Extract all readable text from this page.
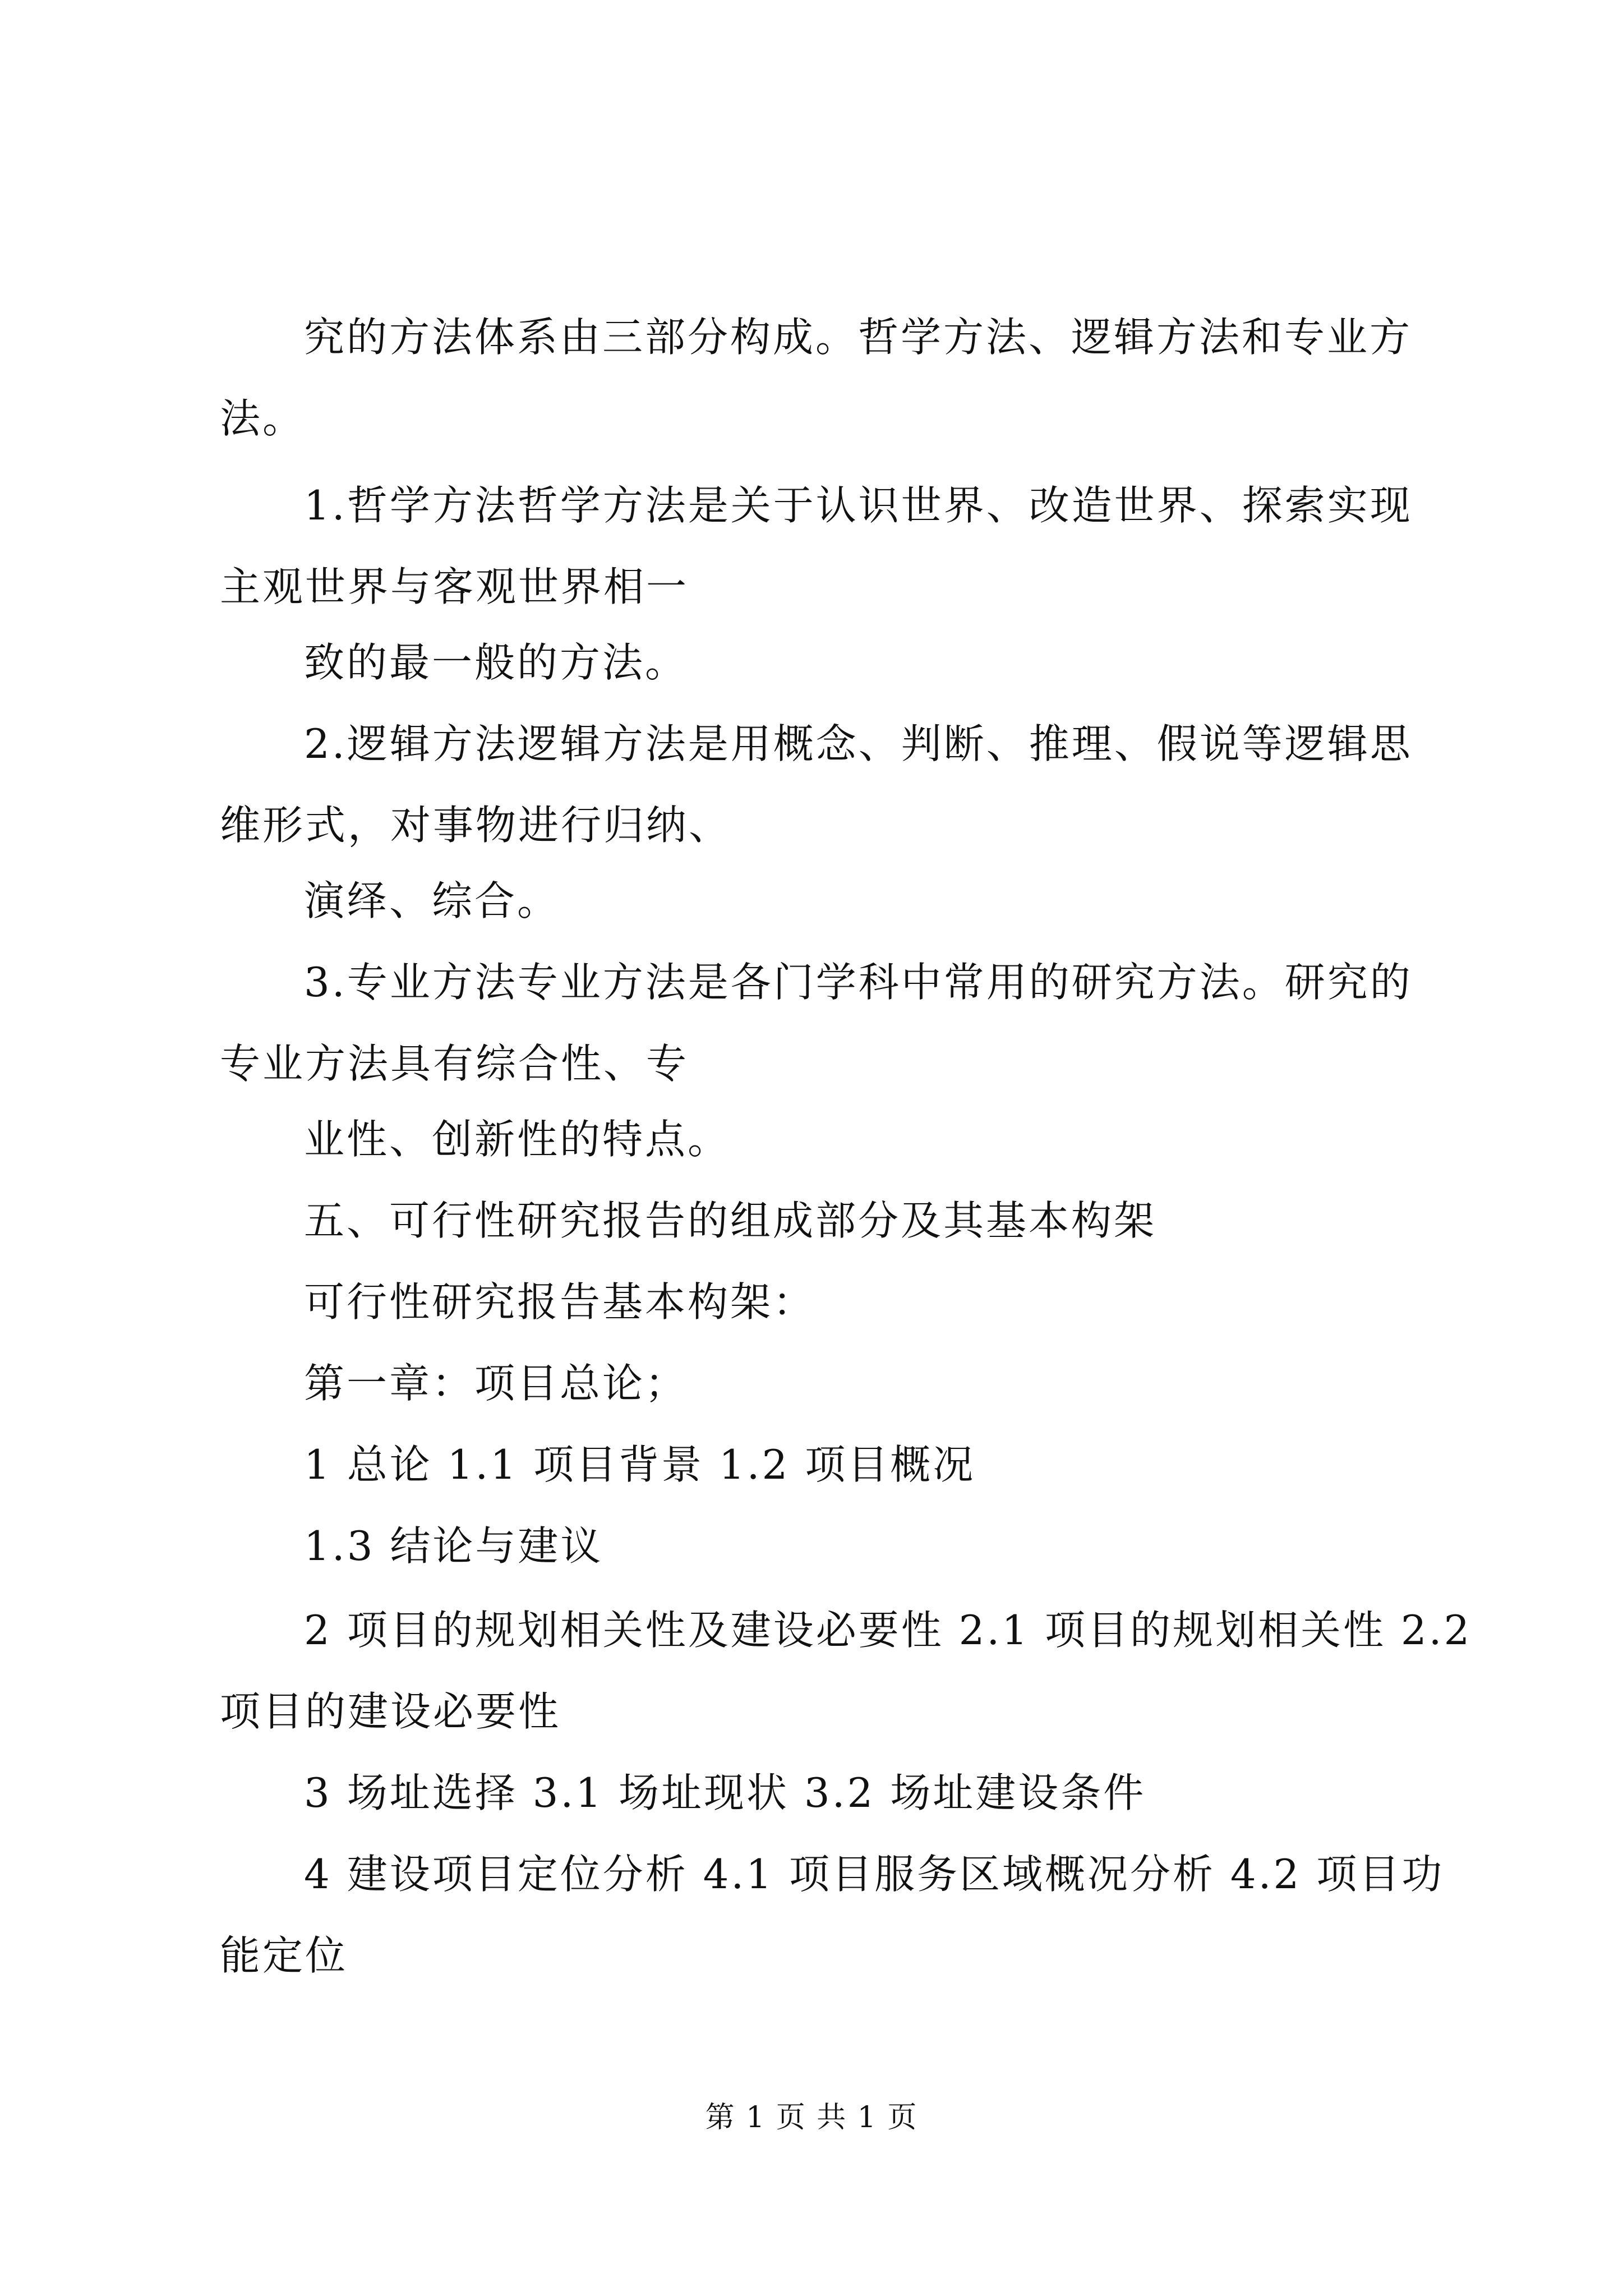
究的方法体系由三部分构成。哲学方法、逻辑方法和专业方
法。
1.哲学方法哲学方法是关于认识世界、改造世界、探索实现
主观世界与客观世界相一
致的最一般的方法。
2.逻辑方法逻辑方法是用概念、判断、推理、假说等逻辑思
维形式，对事物进行归纳、
演绎、综合。
3.专业方法专业方法是各门学科中常用的研究方法。研究的
专业方法具有综合性、专
业性、创新性的特点。
五、可行性研究报告的组成部分及其基本构架
可行性研究报告基本构架：
第一章：项目总论；
1 总论 1.1 项目背景 1.2 项目概况
1.3 结论与建议
2 项目的规划相关性及建设必要性 2.1 项目的规划相关性 2.2
项目的建设必要性
3 场址选择 3.1 场址现状 3.2 场址建设条件
4 建设项目定位分析 4.1 项目服务区域概况分析 4.2 项目功
能定位
第 1 页 共 1 页
